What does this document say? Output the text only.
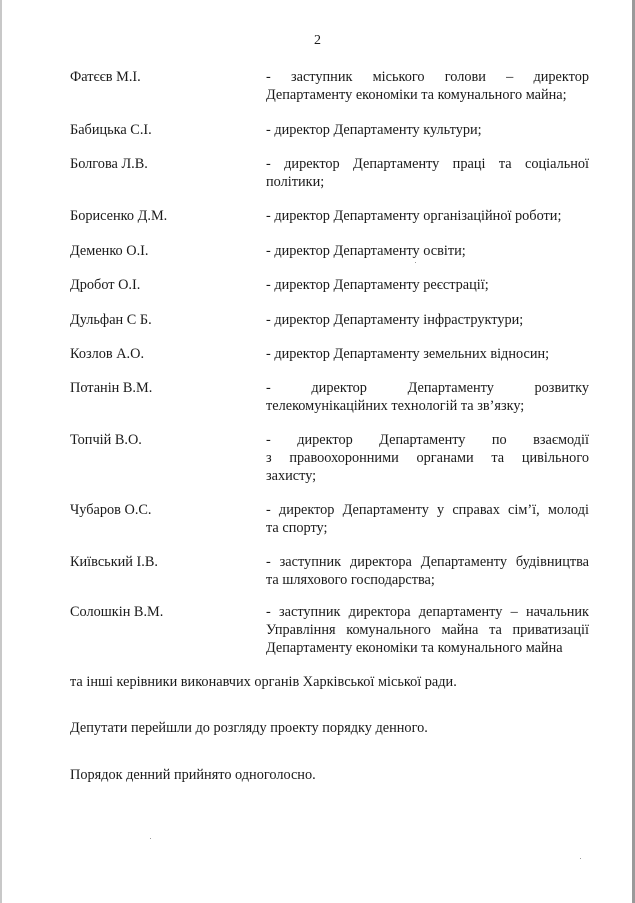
2
Фатєєв М.І.	- заступник міського голови – директор
Департаменту економіки та комунального майна;
Бабицька С.І.	- директор Департаменту культури;
Болгова Л.В.	- директор Департаменту праці та соціальної
політики;
Борисенко Д.М.	- директор Департаменту організаційної роботи;
Деменко О.І.	- директор Департаменту освіти;
Дробот О.І.	- директор Департаменту реєстрації;
Дульфан С Б.	- директор Департаменту інфраструктури;
Козлов А.О.	- директор Департаменту земельних відносин;
Потанін В.М.	- директор Департаменту розвитку
телекомунікаційних технологій та зв’язку;
Топчій В.О.	- директор Департаменту по взаємодії
з правоохоронними органами та цивільного
захисту;
Чубаров О.С.	- директор Департаменту у справах сім’ї, молоді
та спорту;
Київський І.В.	- заступник директора Департаменту будівництва
та шляхового господарства;
Солошкін В.М.	- заступник директора департаменту – начальник
Управління комунального майна та приватизації
Департаменту економіки та комунального майна
та інші керівники виконавчих органів Харківської міської ради.
Депутати перейшли до розгляду проекту порядку денного.
Порядок денний прийнято одноголосно.
